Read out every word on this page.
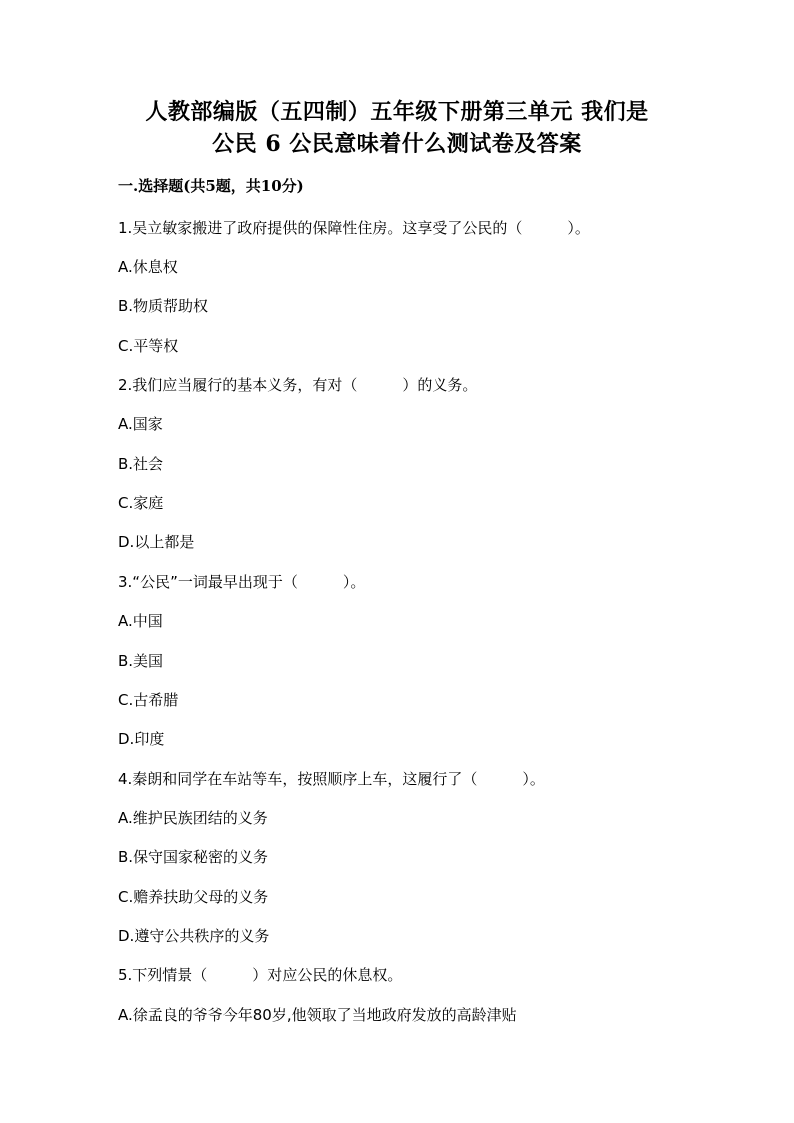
人教部编版（五四制）五年级下册第三单元 我们是
公民 6 公民意味着什么测试卷及答案
一.选择题(共5题，共10分)
1.吴立敏家搬进了政府提供的保障性住房。这享受了公民的（　　　）。
A.休息权
B.物质帮助权
C.平等权
2.我们应当履行的基本义务，有对（　　　）的义务。
A.国家
B.社会
C.家庭
D.以上都是
3.“公民”一词最早出现于（　　　）。
A.中国
B.美国
C.古希腊
D.印度
4.秦朗和同学在车站等车，按照顺序上车，这履行了（　　　）。
A.维护民族团结的义务
B.保守国家秘密的义务
C.赡养扶助父母的义务
D.遵守公共秩序的义务
5.下列情景（　　　）对应公民的休息权。
A.徐孟良的爷爷今年80岁,他领取了当地政府发放的高龄津贴
